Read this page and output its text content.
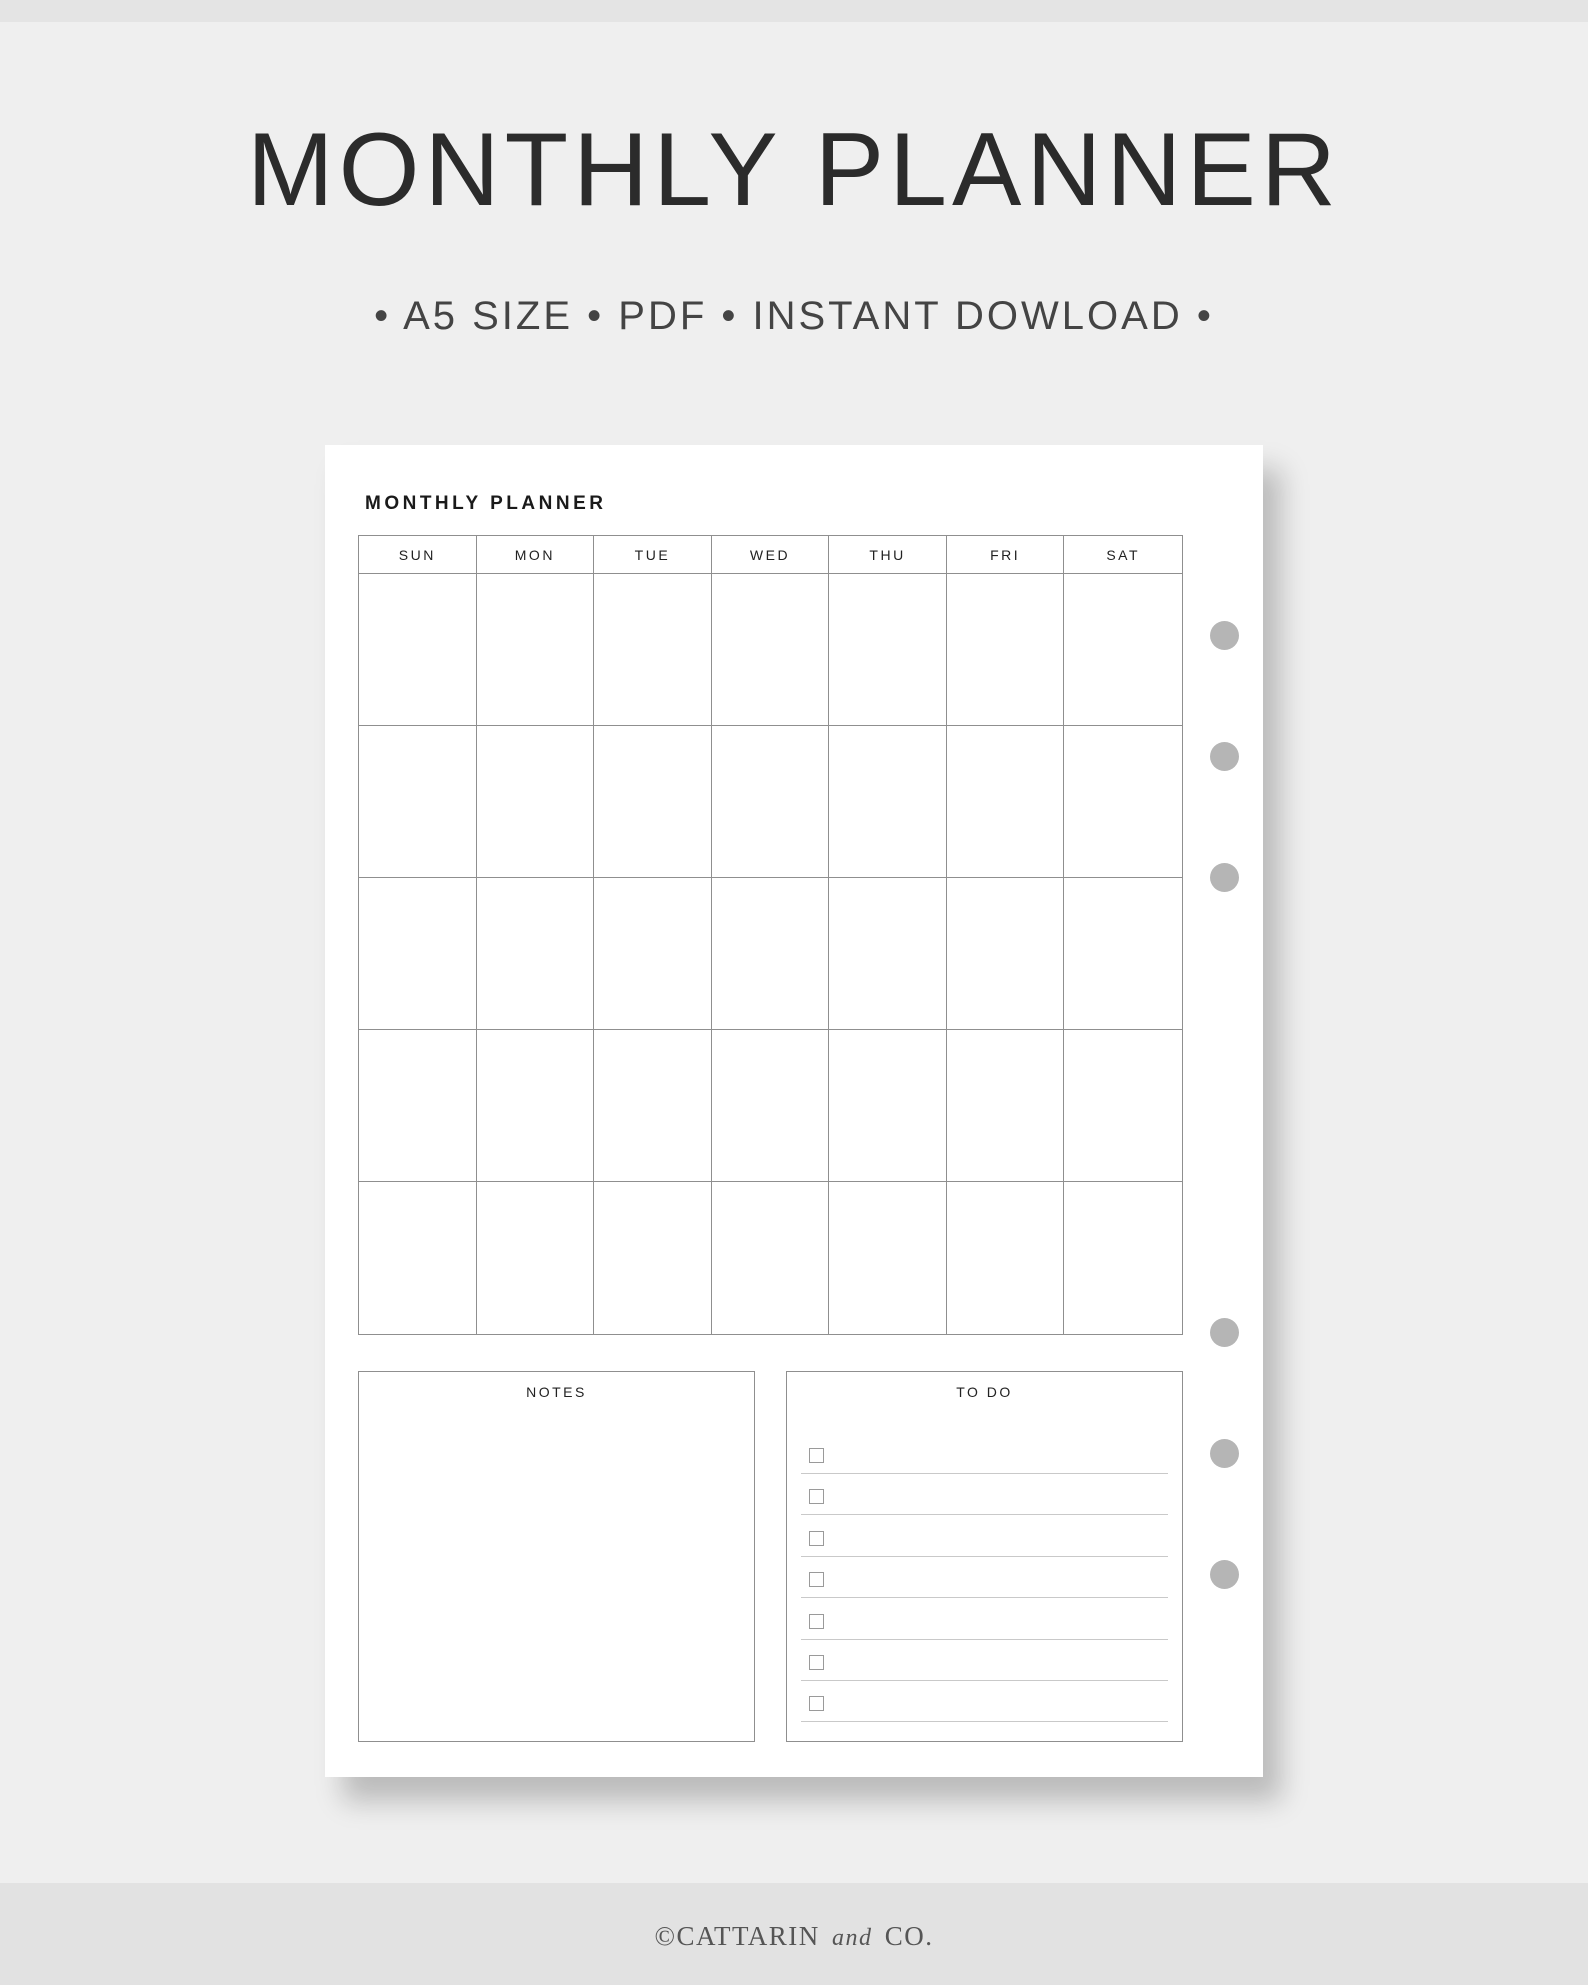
MONTHLY PLANNER
• A5 SIZE • PDF • INSTANT DOWLOAD •
MONTHLY PLANNER
SUN	MON	TUE	WED	THU	FRI	SAT
NOTES	TO DO
©CATTARIN and CO.
